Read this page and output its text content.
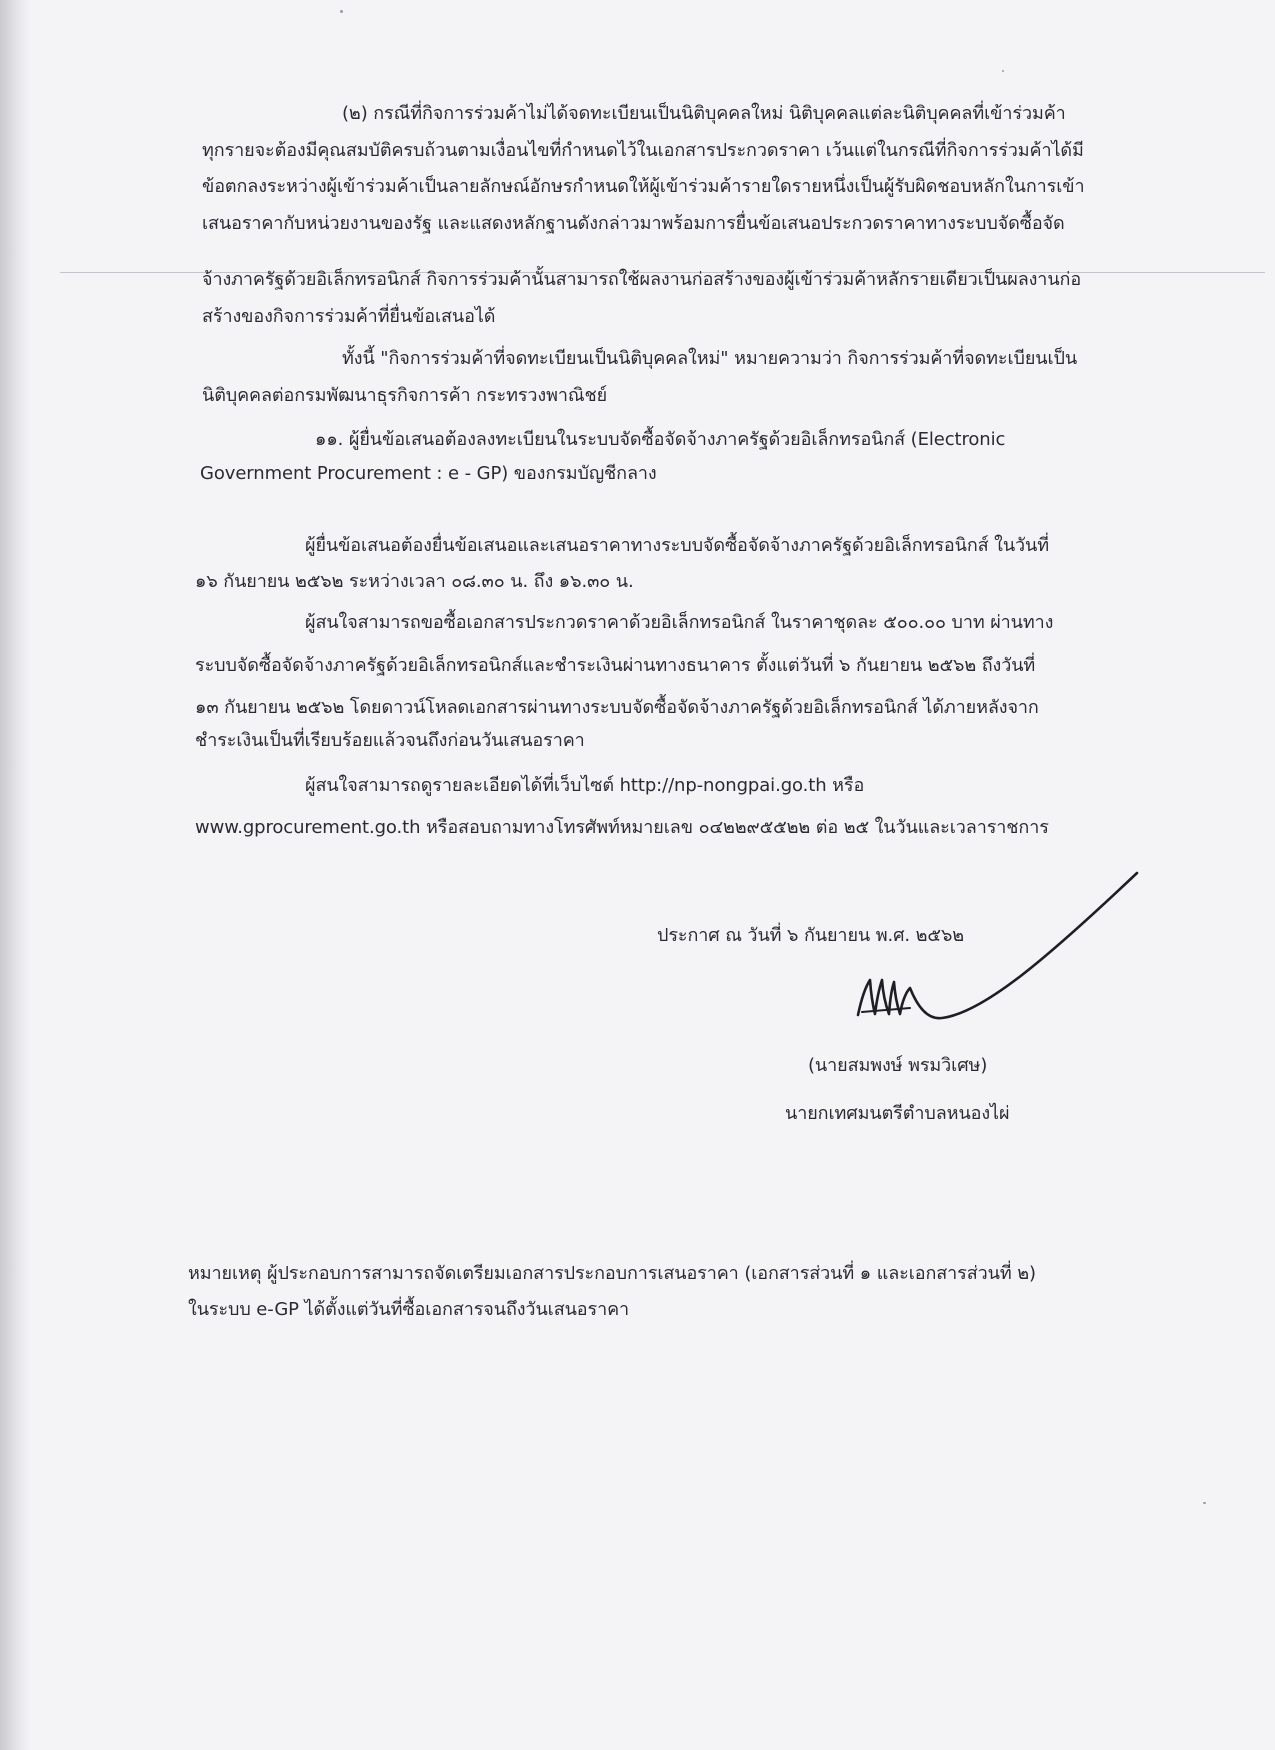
(๒) กรณีที่กิจการร่วมค้าไม่ได้จดทะเบียนเป็นนิติบุคคลใหม่ นิติบุคคลแต่ละนิติบุคคลที่เข้าร่วมค้า
ทุกรายจะต้องมีคุณสมบัติครบถ้วนตามเงื่อนไขที่กำหนดไว้ในเอกสารประกวดราคา เว้นแต่ในกรณีที่กิจการร่วมค้าได้มี
ข้อตกลงระหว่างผู้เข้าร่วมค้าเป็นลายลักษณ์อักษรกำหนดให้ผู้เข้าร่วมค้ารายใดรายหนึ่งเป็นผู้รับผิดชอบหลักในการเข้า
เสนอราคากับหน่วยงานของรัฐ และแสดงหลักฐานดังกล่าวมาพร้อมการยื่นข้อเสนอประกวดราคาทางระบบจัดซื้อจัด
จ้างภาครัฐด้วยอิเล็กทรอนิกส์ กิจการร่วมค้านั้นสามารถใช้ผลงานก่อสร้างของผู้เข้าร่วมค้าหลักรายเดียวเป็นผลงานก่อ
สร้างของกิจการร่วมค้าที่ยื่นข้อเสนอได้
ทั้งนี้ "กิจการร่วมค้าที่จดทะเบียนเป็นนิติบุคคลใหม่" หมายความว่า กิจการร่วมค้าที่จดทะเบียนเป็น
นิติบุคคลต่อกรมพัฒนาธุรกิจการค้า กระทรวงพาณิชย์
๑๑. ผู้ยื่นข้อเสนอต้องลงทะเบียนในระบบจัดซื้อจัดจ้างภาครัฐด้วยอิเล็กทรอนิกส์ (Electronic
Government Procurement : e - GP) ของกรมบัญชีกลาง
ผู้ยื่นข้อเสนอต้องยื่นข้อเสนอและเสนอราคาทางระบบจัดซื้อจัดจ้างภาครัฐด้วยอิเล็กทรอนิกส์ ในวันที่
๑๖ กันยายน ๒๕๖๒ ระหว่างเวลา ๐๘.๓๐ น. ถึง ๑๖.๓๐ น.
ผู้สนใจสามารถขอซื้อเอกสารประกวดราคาด้วยอิเล็กทรอนิกส์ ในราคาชุดละ ๕๐๐.๐๐ บาท ผ่านทาง
ระบบจัดซื้อจัดจ้างภาครัฐด้วยอิเล็กทรอนิกส์และชำระเงินผ่านทางธนาคาร ตั้งแต่วันที่ ๖ กันยายน ๒๕๖๒ ถึงวันที่
๑๓ กันยายน ๒๕๖๒ โดยดาวน์โหลดเอกสารผ่านทางระบบจัดซื้อจัดจ้างภาครัฐด้วยอิเล็กทรอนิกส์ ได้ภายหลังจาก
ชำระเงินเป็นที่เรียบร้อยแล้วจนถึงก่อนวันเสนอราคา
ผู้สนใจสามารถดูรายละเอียดได้ที่เว็บไซต์ http://np-nongpai.go.th หรือ
www.gprocurement.go.th หรือสอบถามทางโทรศัพท์หมายเลข ๐๔๒๒๙๕๕๒๒ ต่อ ๒๕ ในวันและเวลาราชการ
ประกาศ ณ วันที่ ๖ กันยายน พ.ศ. ๒๕๖๒
(นายสมพงษ์ พรมวิเศษ)
นายกเทศมนตรีตำบลหนองไผ่
หมายเหตุ ผู้ประกอบการสามารถจัดเตรียมเอกสารประกอบการเสนอราคา (เอกสารส่วนที่ ๑ และเอกสารส่วนที่ ๒)
ในระบบ e-GP ได้ตั้งแต่วันที่ซื้อเอกสารจนถึงวันเสนอราคา
